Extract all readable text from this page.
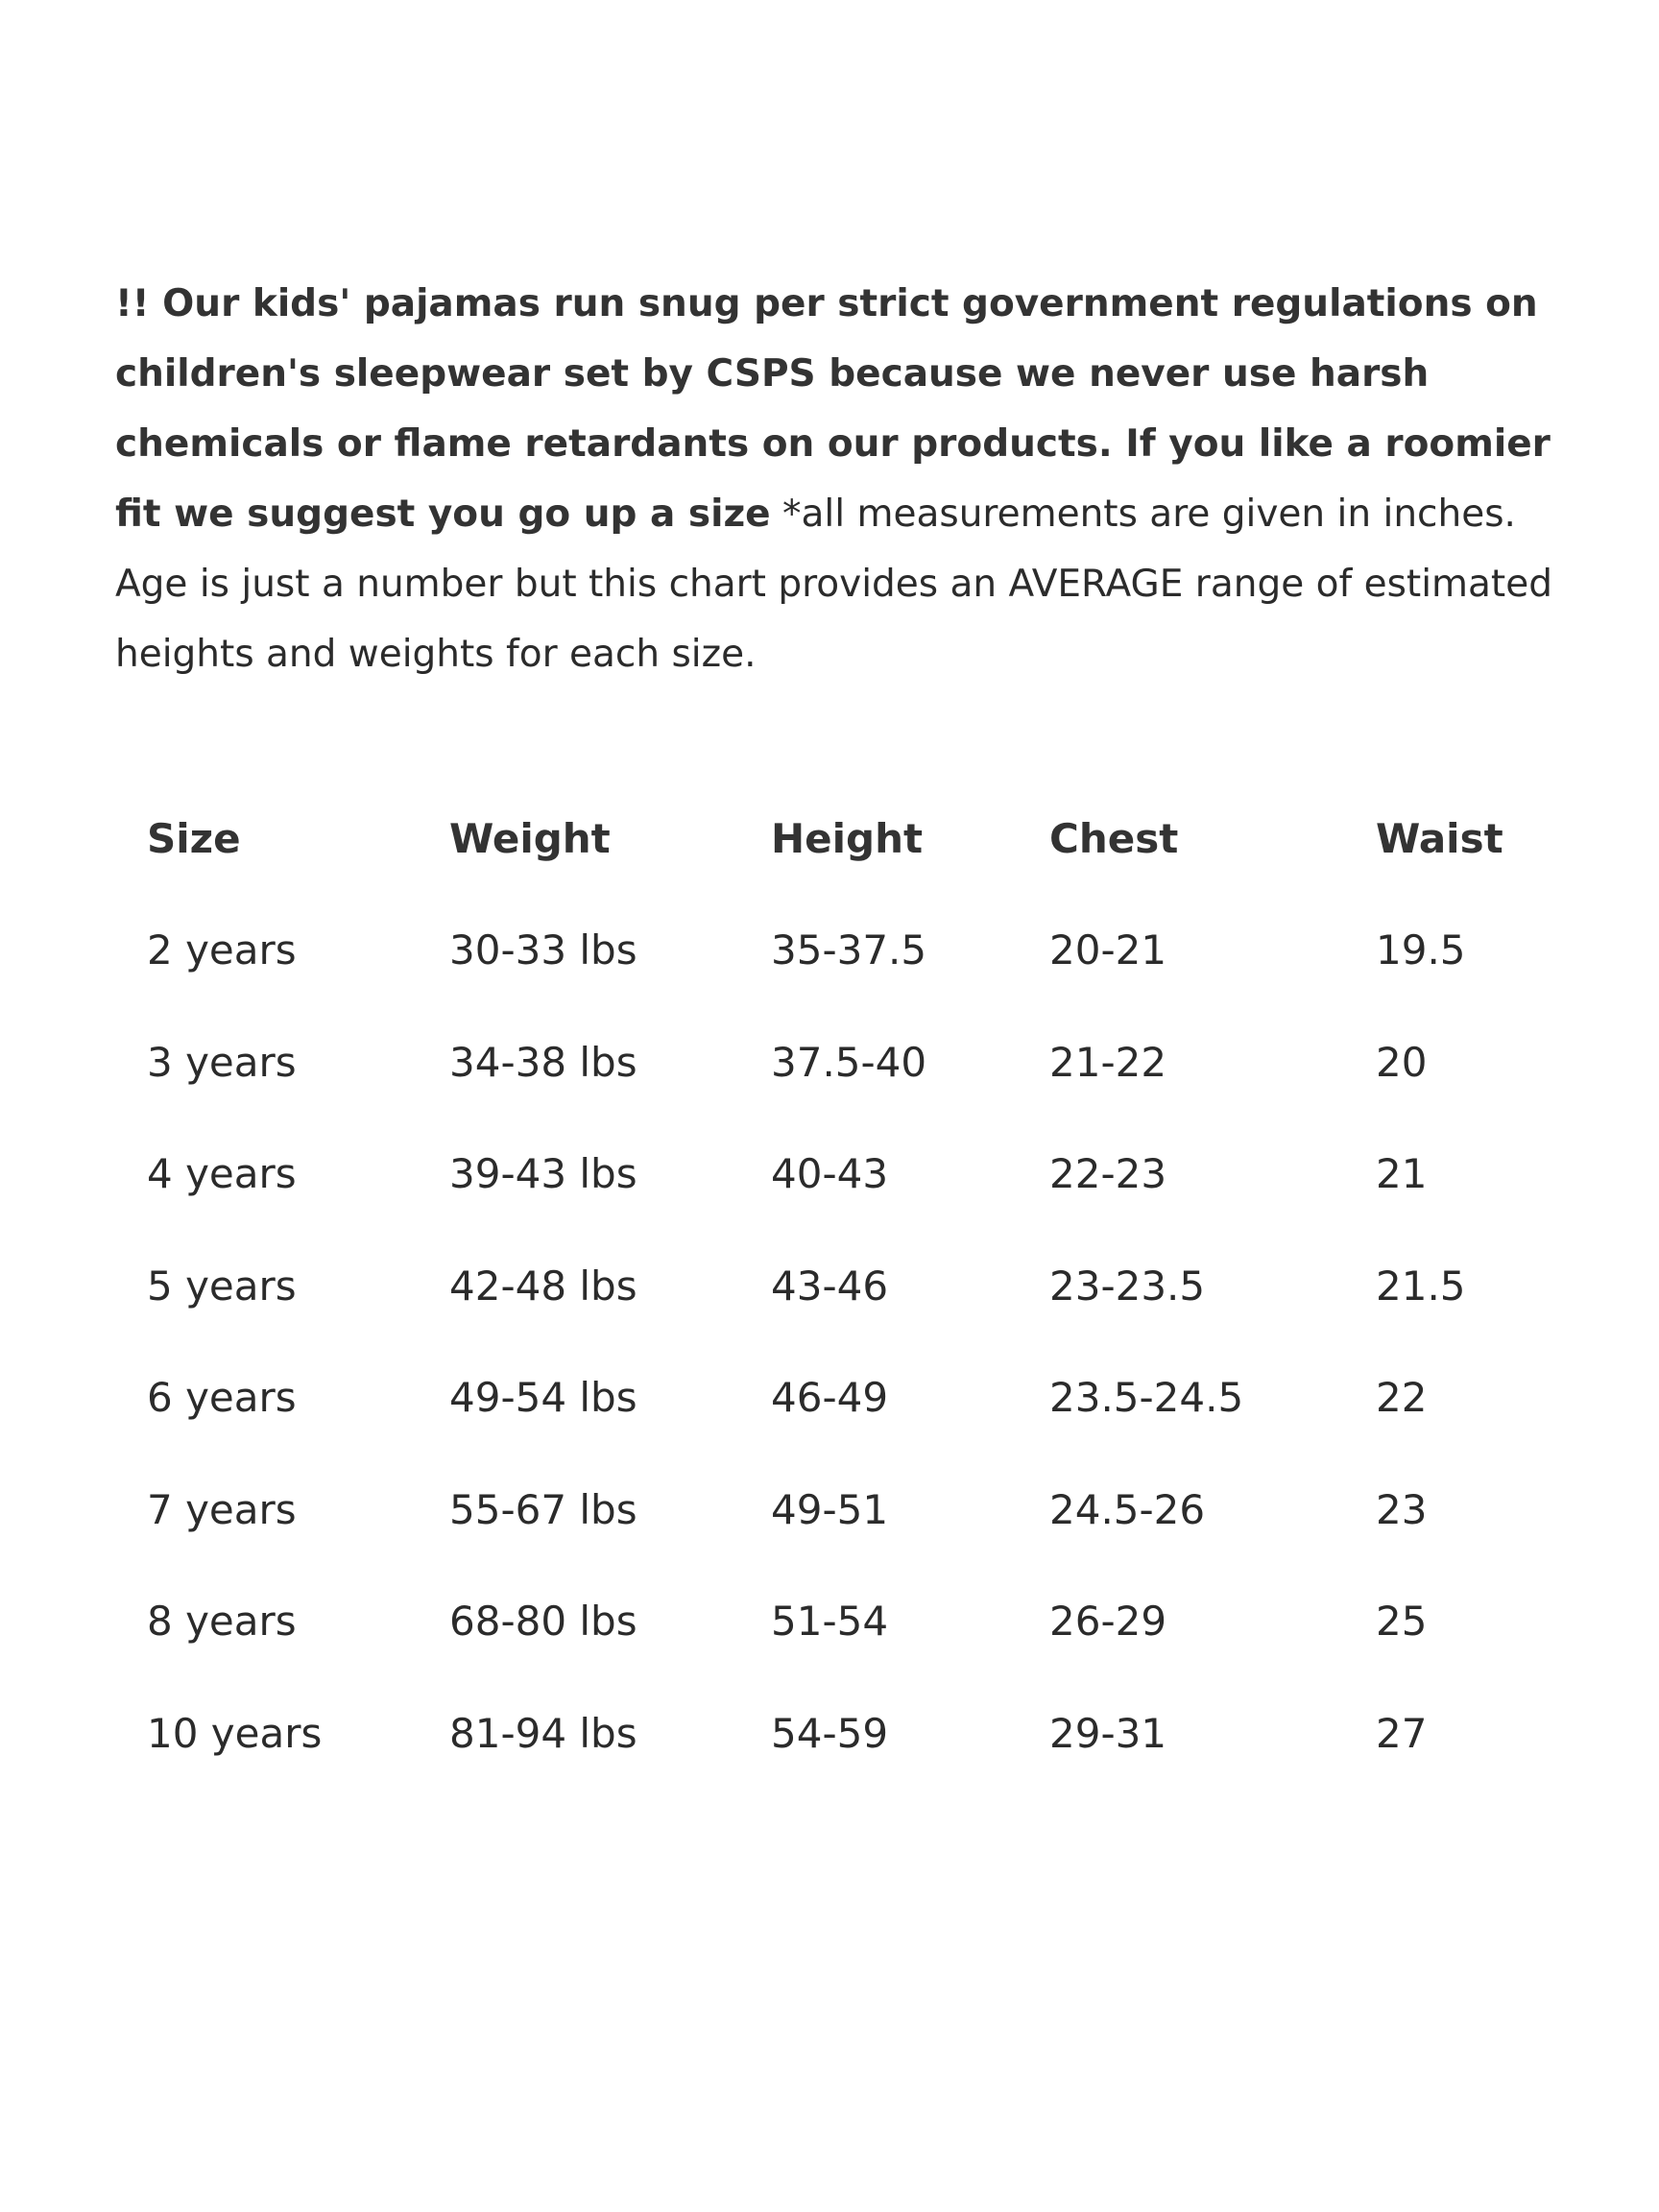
!! Our kids' pajamas run snug per strict government regulations on children's sleepwear set by CSPS because we never use harsh chemicals or flame retardants on our products. If you like a roomier fit we suggest you go up a size *all measurements are given in inches.
Age is just a number but this chart provides an AVERAGE range of estimated heights and weights for each size.

Size	Weight	Height	Chest	Waist
2 years	30-33 lbs	35-37.5	20-21	19.5
3 years	34-38 lbs	37.5-40	21-22	20
4 years	39-43 lbs	40-43	22-23	21
5 years	42-48 lbs	43-46	23-23.5	21.5
6 years	49-54 lbs	46-49	23.5-24.5	22
7 years	55-67 lbs	49-51	24.5-26	23
8 years	68-80 lbs	51-54	26-29	25
10 years	81-94 lbs	54-59	29-31	27
